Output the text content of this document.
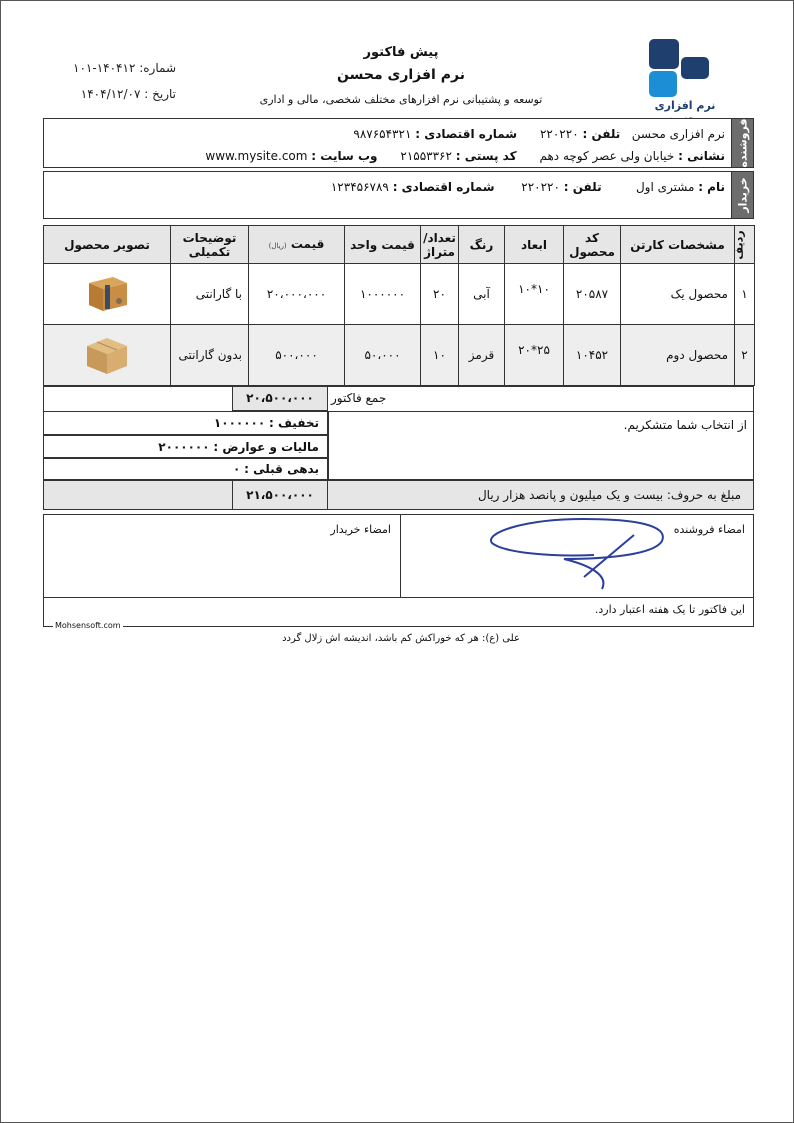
شماره: ۱۴۰۴۱۲-۱۰۱
تاریخ : ۱۴۰۴/۱۲/۰۷
پیش فاکتور
نرم افزاری محسن
توسعه و پشتیبانی نرم افزارهای مختلف شخصی، مالی و اداری	نرم افزاری
فروشنده
نرم افزاری محسن   تلفن : ۲۲۰۲۲۰      شماره اقتصادی : ۹۸۷۶۵۴۳۲۱
نشانی : خیابان ولی عصر کوچه دهم      کد پستی : ۲۱۵۵۳۳۶۲      وب سایت : www.mysite.com
خریدار
نام : مشتری اول         تلفن : ۲۲۰۲۲۰       شماره اقتصادی : ۱۲۳۴۵۶۷۸۹
ردیف	مشخصات کارتن	کد محصول	ابعاد	رنگ	تعداد/ متراژ	قیمت واحد	قیمت (ریال)	توضیحات تکمیلی	تصویر محصول
۱	محصول یک	۲۰۵۸۷	۱۰*۱۰	آبی	۲۰	۱۰۰۰۰۰۰	۲۰،۰۰۰،۰۰۰	با گارانتی	
۲	محصول دوم	۱۰۴۵۲	۲۵*۲۰	قرمز	۱۰	۵۰،۰۰۰	۵۰۰،۰۰۰	بدون گارانتی	
۲۰،۵۰۰،۰۰۰	جمع فاکتور
تخفیف : ۱۰۰۰۰۰۰
مالیات و عوارض : ۲۰۰۰۰۰۰
بدهی قبلی : ۰
از انتخاب شما متشکریم.
۲۱،۵۰۰،۰۰۰	مبلغ به حروف: بیست و یک میلیون و پانصد هزار ریال
امضاء فروشنده
امضاء خریدار
این فاکتور تا یک هفته اعتبار دارد.
Mohsensoft.com
علی (ع): هر که خوراکش کم باشد، اندیشه اش زلال گردد
